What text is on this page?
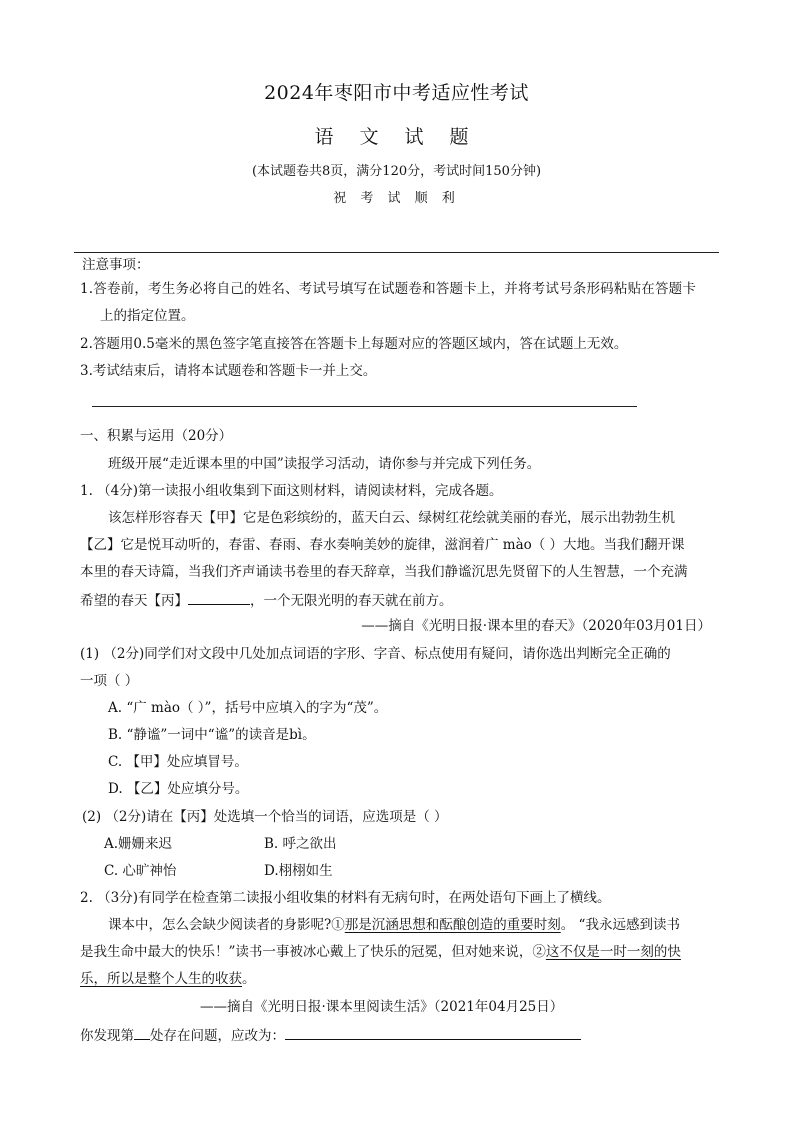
2024年枣阳市中考适应性考试
语 文 试 题
(本试题卷共8页，满分120分，考试时间150分钟)
祝 考 试 顺 利
注意事项：
1.答卷前，考生务必将自己的姓名、考试号填写在试题卷和答题卡上，并将考试号条形码粘贴在答题卡
上的指定位置。
2.答题用0.5毫米的黑色签字笔直接答在答题卡上每题对应的答题区域内，答在试题上无效。
3.考试结束后，请将本试题卷和答题卡一并上交。
一、积累与运用（20分）
班级开展“走近课本里的中国”读报学习活动，请你参与并完成下列任务。
1. （4分)第一读报小组收集到下面这则材料，请阅读材料，完成各题。
该怎样形容春天【甲】它是色彩缤纷的，蓝天白云、绿树红花绘就美丽的春光，展示出勃勃生机
【乙】它是悦耳动听的，春雷、春雨、春水奏响美妙的旋律，滋润着广 mào（ ）大地。当我们翻开课
本里的春天诗篇，当我们齐声诵读书卷里的春天辞章，当我们静谧沉思先贤留下的人生智慧，一个充满
希望的春天【丙】	，一个无限光明的春天就在前方。
——摘自《光明日报·课本里的春天》（2020年03月01日）
(1) （2分)同学们对文段中几处加点词语的字形、字音、标点使用有疑问，请你选出判断完全正确的
一项（ ）
A. “广 mào（ ）”，括号中应填入的字为“茂”。
B. “静谧”一词中“谧”的读音是bì。
C. 【甲】处应填冒号。
D. 【乙】处应填分号。
(2) （2分)请在【丙】处选填一个恰当的词语，应选项是（ ）
A.姗姗来迟	B. 呼之欲出
C. 心旷神怡	D.栩栩如生
2. （3分)有同学在检查第二读报小组收集的材料有无病句时，在两处语句下画上了横线。
课本中，怎么会缺少阅读者的身影呢?①那是沉涵思想和酝酿创造的重要时刻。 “我永远感到读书
是我生命中最大的快乐！”读书一事被冰心戴上了快乐的冠冕，但对她来说，②这不仅是一时一刻的快
乐，所以是整个人生的收获。
——摘自《光明日报·课本里阅读生活》（2021年04月25日）
你发现第 处存在问题，应改为：
